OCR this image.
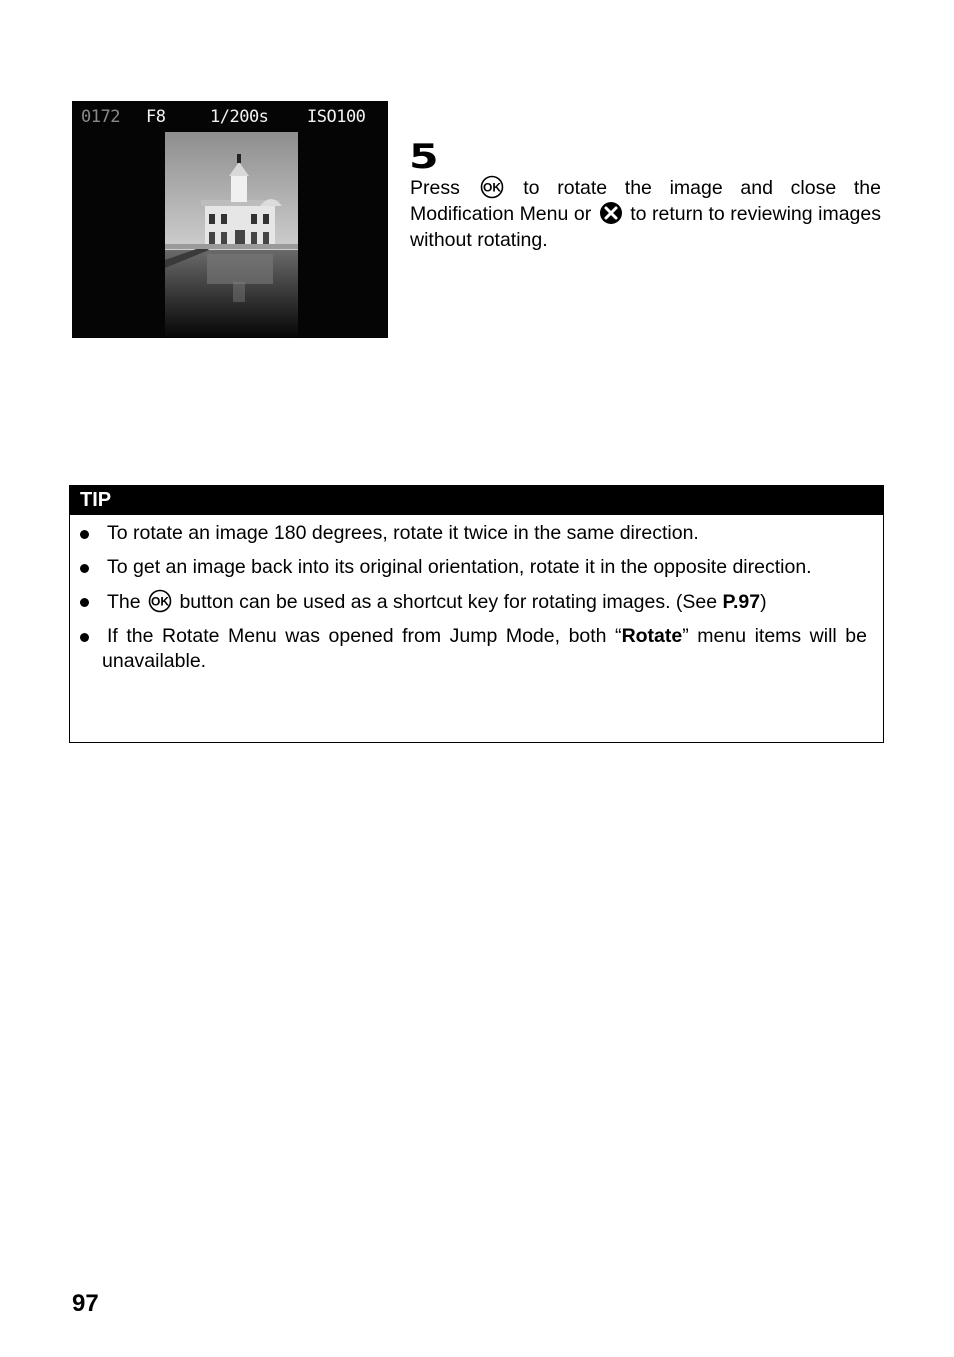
0172 F8	1/200s ISO100
5
Press OK to rotate the image and close the Modification Menu or to return to reviewing images without rotating.
TIP
To rotate an image 180 degrees, rotate it twice in the same direction.
To get an image back into its original orientation, rotate it in the opposite direction.
The OK button can be used as a shortcut key for rotating images. (See P.97)
If the Rotate Menu was opened from Jump Mode, both “Rotate” menu items will be unavailable.
97
